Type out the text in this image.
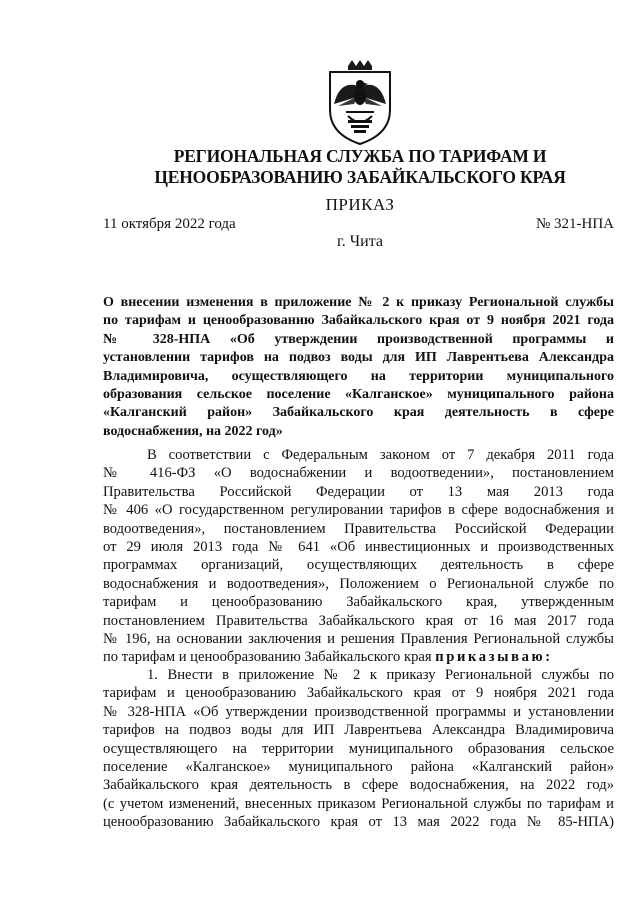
РЕГИОНАЛЬНАЯ СЛУЖБА ПО ТАРИФАМ И
ЦЕНООБРАЗОВАНИЮ ЗАБАЙКАЛЬСКОГО КРАЯ
ПРИКАЗ
11 октября 2022 года	№ 321-НПА
г. Чита
О внесении изменения в приложение № 2 к приказу Региональной службы
по тарифам и ценообразованию Забайкальского края от 9 ноября 2021 года
№ 328-НПА «Об утверждении производственной программы и
установлении тарифов на подвоз воды для ИП Лаврентьева Александра
Владимировича, осуществляющего на территории муниципального
образования сельское поселение «Калганское» муниципального района
«Калганский район» Забайкальского края деятельность в сфере
водоснабжения, на 2022 год»
В соответствии с Федеральным законом от 7 декабря 2011 года
№ 416-ФЗ «О водоснабжении и водоотведении», постановлением
Правительства Российской Федерации от 13 мая 2013 года
№ 406 «О государственном регулировании тарифов в сфере водоснабжения и
водоотведения», постановлением Правительства Российской Федерации
от 29 июля 2013 года № 641 «Об инвестиционных и производственных
программах организаций, осуществляющих деятельность в сфере
водоснабжения и водоотведения», Положением о Региональной службе по
тарифам и ценообразованию Забайкальского края, утвержденным
постановлением Правительства Забайкальского края от 16 мая 2017 года
№ 196, на основании заключения и решения Правления Региональной службы
по тарифам и ценообразованию Забайкальского края приказываю:
1. Внести в приложение № 2 к приказу Региональной службы по
тарифам и ценообразованию Забайкальского края от 9 ноября 2021 года
№ 328-НПА «Об утверждении производственной программы и установлении
тарифов на подвоз воды для ИП Лаврентьева Александра Владимировича
осуществляющего на территории муниципального образования сельское
поселение «Калганское» муниципального района «Калганский район»
Забайкальского края деятельность в сфере водоснабжения, на 2022 год»
(с учетом изменений, внесенных приказом Региональной службы по тарифам и
ценообразованию Забайкальского края от 13 мая 2022 года № 85-НПА)
